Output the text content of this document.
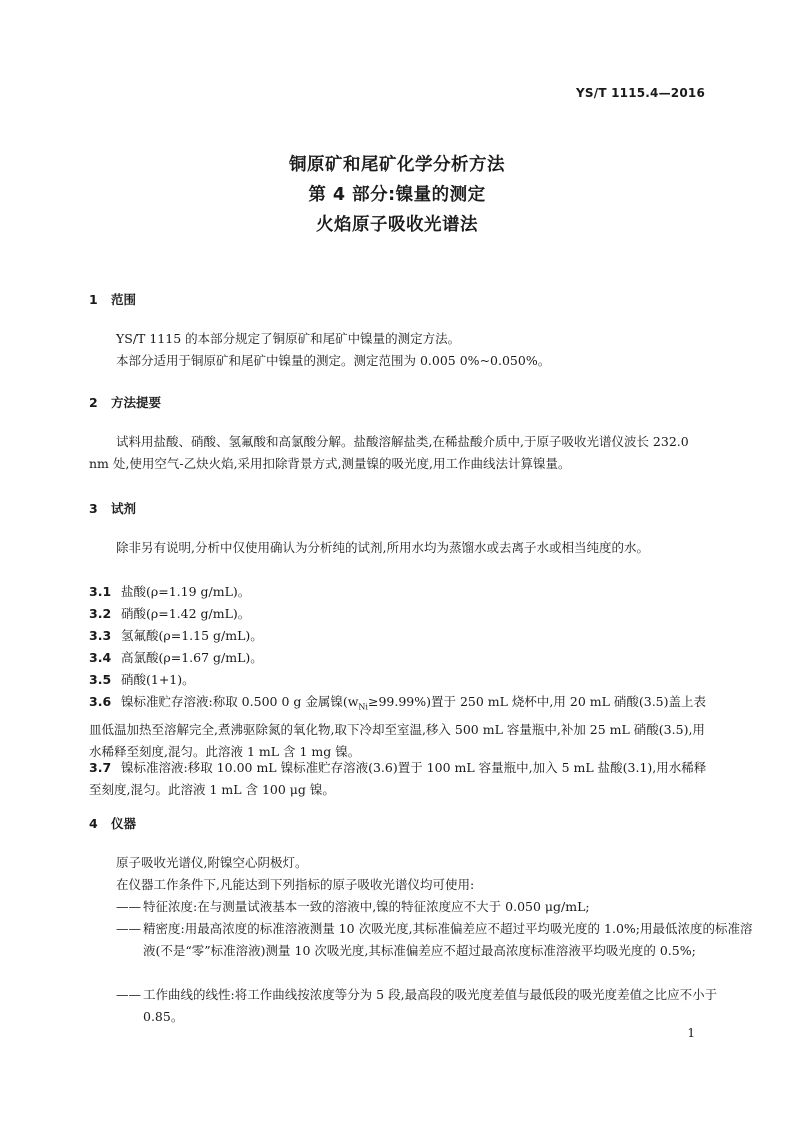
YS/T 1115.4—2016
铜原矿和尾矿化学分析方法
第 4 部分:镍量的测定
火焰原子吸收光谱法
1 范围
YS/T 1115 的本部分规定了铜原矿和尾矿中镍量的测定方法。
本部分适用于铜原矿和尾矿中镍量的测定。测定范围为 0.005 0%~0.050%。
2 方法提要
试料用盐酸、硝酸、氢氟酸和高氯酸分解。盐酸溶解盐类,在稀盐酸介质中,于原子吸收光谱仪波长 232.0 nm 处,使用空气-乙炔火焰,采用扣除背景方式,测量镍的吸光度,用工作曲线法计算镍量。
3 试剂
除非另有说明,分析中仅使用确认为分析纯的试剂,所用水均为蒸馏水或去离子水或相当纯度的水。
3.1 盐酸(ρ=1.19 g/mL)。
3.2 硝酸(ρ=1.42 g/mL)。
3.3 氢氟酸(ρ=1.15 g/mL)。
3.4 高氯酸(ρ=1.67 g/mL)。
3.5 硝酸(1+1)。
3.6 镍标准贮存溶液:称取 0.500 0 g 金属镍$(w_{Ni}\ge 99.99\%)$置于 250 mL 烧杯中,用 20 mL 硝酸(3.5)盖上表皿低温加热至溶解完全,煮沸驱除氮的氧化物,取下冷却至室温,移入 500 mL 容量瓶中,补加 25 mL 硝酸(3.5),用水稀释至刻度,混匀。此溶液 1 mL 含 1 mg 镍。
3.7 镍标准溶液:移取 10.00 mL 镍标准贮存溶液(3.6)置于 100 mL 容量瓶中,加入 5 mL 盐酸(3.1),用水稀释至刻度,混匀。此溶液 1 mL 含 100 μg 镍。
4 仪器
原子吸收光谱仪,附镍空心阴极灯。
在仪器工作条件下,凡能达到下列指标的原子吸收光谱仪均可使用:
—— 特征浓度:在与测量试液基本一致的溶液中,镍的特征浓度应不大于 0.050 μg/mL;
—— 精密度:用最高浓度的标准溶液测量 10 次吸光度,其标准偏差应不超过平均吸光度的 1.0%;用最低浓度的标准溶液(不是“零”标准溶液)测量 10 次吸光度,其标准偏差应不超过最高浓度标准溶液平均吸光度的 0.5%;
—— 工作曲线的线性:将工作曲线按浓度等分为 5 段,最高段的吸光度差值与最低段的吸光度差值之比应不小于 0.85。
1
